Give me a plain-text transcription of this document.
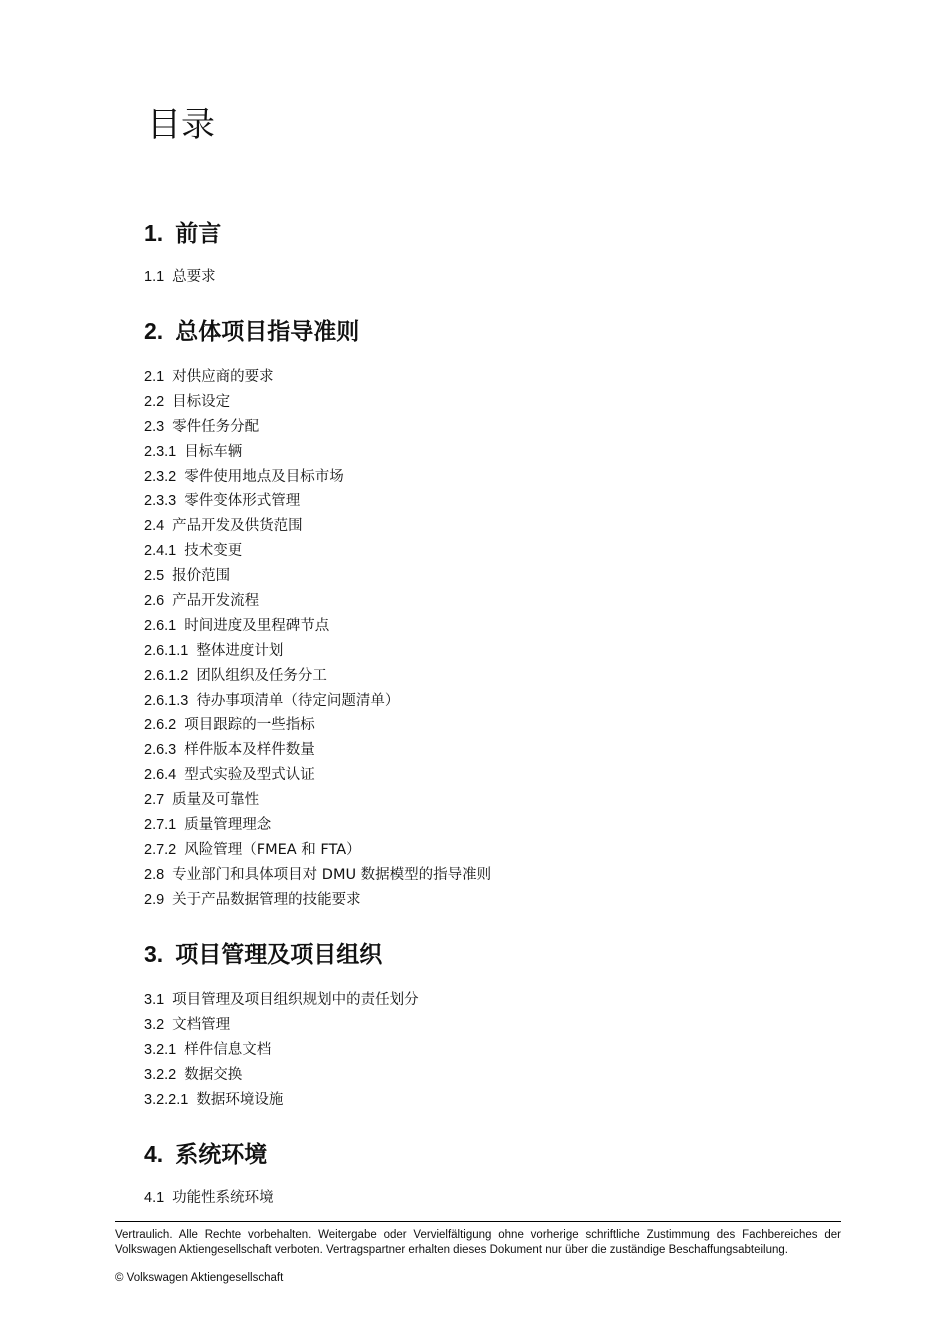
目录
1. 前言
1.1 总要求
2. 总体项目指导准则
2.1 对供应商的要求
2.2 目标设定
2.3 零件任务分配
2.3.1 目标车辆
2.3.2 零件使用地点及目标市场
2.3.3 零件变体形式管理
2.4 产品开发及供货范围
2.4.1 技术变更
2.5 报价范围
2.6 产品开发流程
2.6.1 时间进度及里程碑节点
2.6.1.1 整体进度计划
2.6.1.2 团队组织及任务分工
2.6.1.3 待办事项清单（待定问题清单）
2.6.2 项目跟踪的一些指标
2.6.3 样件版本及样件数量
2.6.4 型式实验及型式认证
2.7 质量及可靠性
2.7.1 质量管理理念
2.7.2 风险管理（FMEA 和 FTA）
2.8 专业部门和具体项目对 DMU 数据模型的指导准则
2.9 关于产品数据管理的技能要求
3. 项目管理及项目组织
3.1 项目管理及项目组织规划中的责任划分
3.2 文档管理
3.2.1 样件信息文档
3.2.2 数据交换
3.2.2.1 数据环境设施
4. 系统环境
4.1 功能性系统环境

Vertraulich. Alle Rechte vorbehalten. Weitergabe oder Vervielfältigung ohne vorherige schriftliche Zustimmung des Fachbereiches der Volkswagen Aktiengesellschaft verboten. Vertragspartner erhalten dieses Dokument nur über die zuständige Beschaffungsabteilung.

© Volkswagen Aktiengesellschaft
